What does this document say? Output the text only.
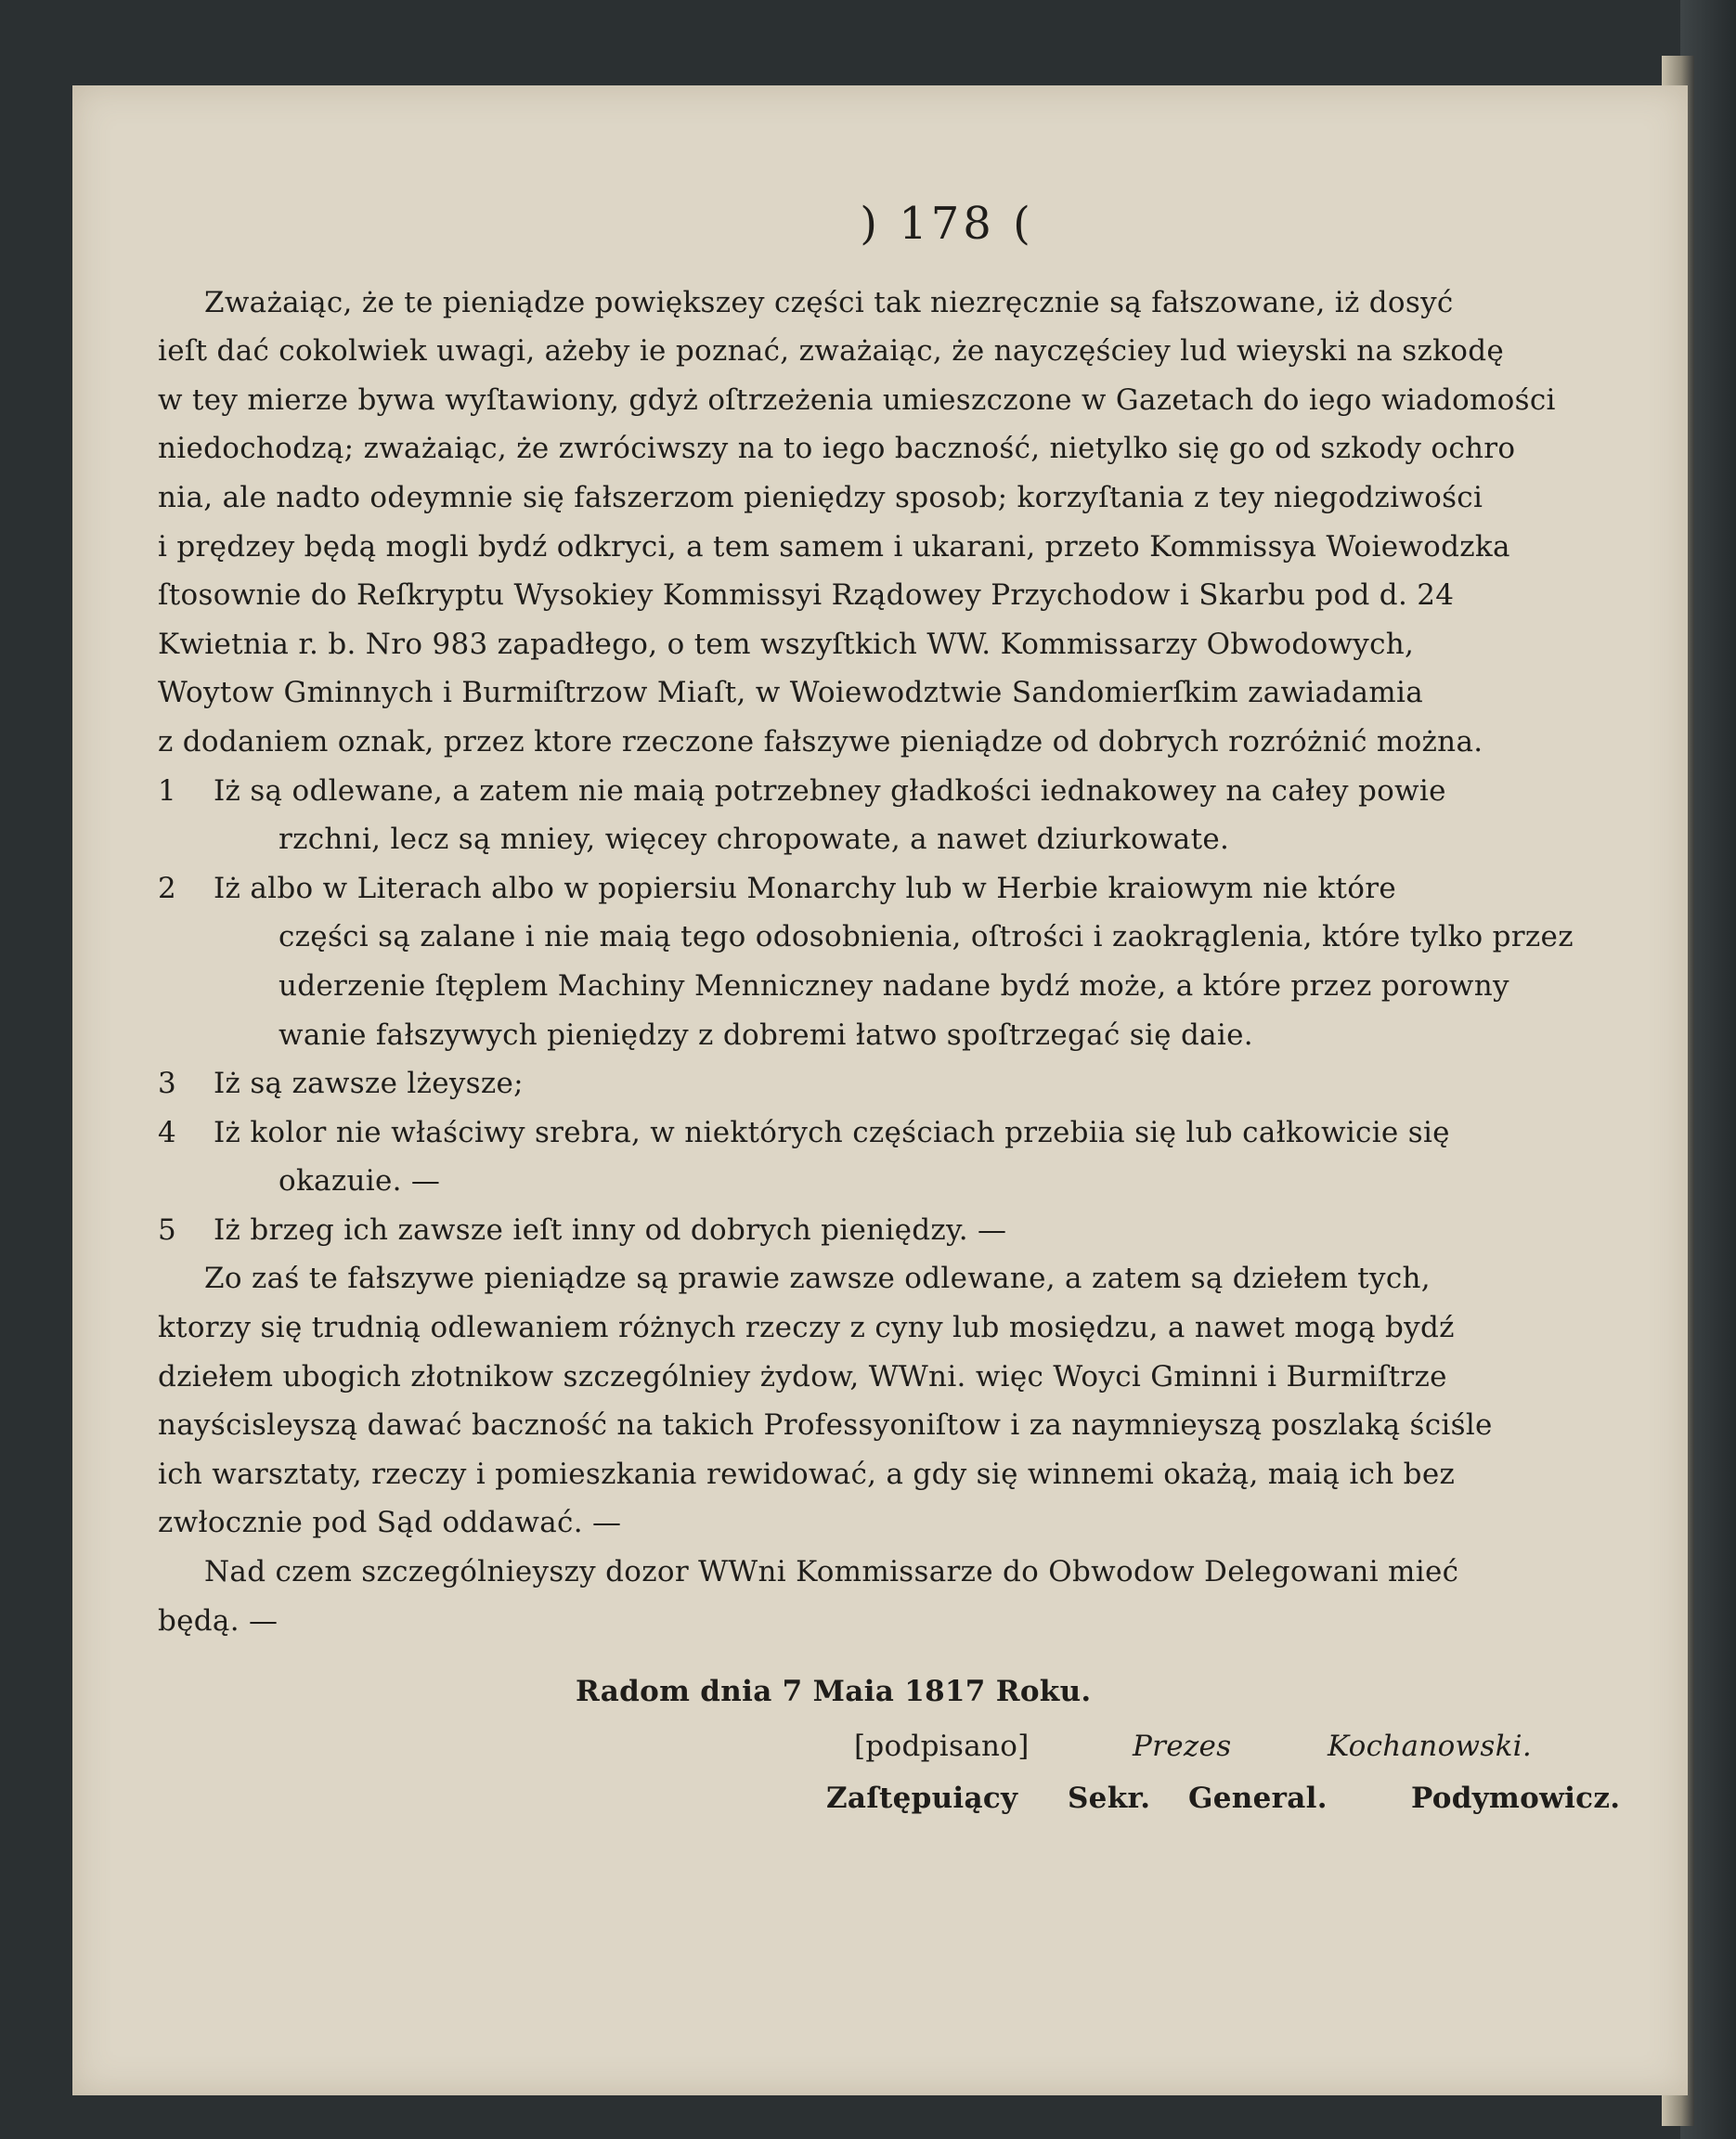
) 178 (
Zważaiąc, że te pieniądze powiększey części tak niezręcznie są fałszowane, iż dosyć
ieſt dać cokolwiek uwagi, ażeby ie poznać, zważaiąc, że nayczęściey lud wieyski na szkodę
w tey mierze bywa wyſtawiony, gdyż oſtrzeżenia umieszczone w Gazetach do iego wiadomości
niedochodzą; zważaiąc, że zwróciwszy na to iego baczność, nietylko się go od szkody ochro
nia, ale nadto odeymnie się fałszerzom pieniędzy sposob; korzyſtania z tey niegodziwości
i prędzey będą mogli bydź odkryci, a tem samem i ukarani, przeto Kommissya Woiewodzka
ſtosownie do Reſkryptu Wysokiey Kommissyi Rządowey Przychodow i Skarbu pod d. 24
Kwietnia r. b. Nro 983 zapadłego, o tem wszyſtkich WW. Kommissarzy Obwodowych,
Woytow Gminnych i Burmiſtrzow Miaſt, w Woiewodztwie Sandomierſkim zawiadamia
z dodaniem oznak, przez ktore rzeczone fałszywe pieniądze od dobrych rozróżnić można.
1 Iż są odlewane, a zatem nie maią potrzebney gładkości iednakowey na całey powie
rzchni, lecz są mniey, więcey chropowate, a nawet dziurkowate.
2 Iż albo w Literach albo w popiersiu Monarchy lub w Herbie kraiowym nie które
części są zalane i nie maią tego odosobnienia, oſtrości i zaokrąglenia, które tylko przez
uderzenie ſtęplem Machiny Menniczney nadane bydź może, a które przez porowny
wanie fałszywych pieniędzy z dobremi łatwo spoſtrzegać się daie.
3 Iż są zawsze lżeysze;
4 Iż kolor nie właściwy srebra, w niektórych częściach przebiia się lub całkowicie się
okazuie. —
5 Iż brzeg ich zawsze ieſt inny od dobrych pieniędzy. —
Zo zaś te fałszywe pieniądze są prawie zawsze odlewane, a zatem są dziełem tych,
ktorzy się trudnią odlewaniem różnych rzeczy z cyny lub mosiędzu, a nawet mogą bydź
dziełem ubogich złotnikow szczególniey żydow, WWni. więc Woyci Gminni i Burmiſtrze
nayścisleyszą dawać baczność na takich Professyoniſtow i za naymnieyszą poszlaką ściśle
ich warsztaty, rzeczy i pomieszkania rewidować, a gdy się winnemi okażą, maią ich bez
zwłocznie pod Sąd oddawać. —
Nad czem szczególnieyszy dozor WWni Kommissarze do Obwodow Delegowani mieć
będą. —
Radom dnia 7 Maia 1817 Roku.
[podpisano]	Prezes	Kochanowski.
Zaſtępuiący Sekr. General.	Podymowicz.
